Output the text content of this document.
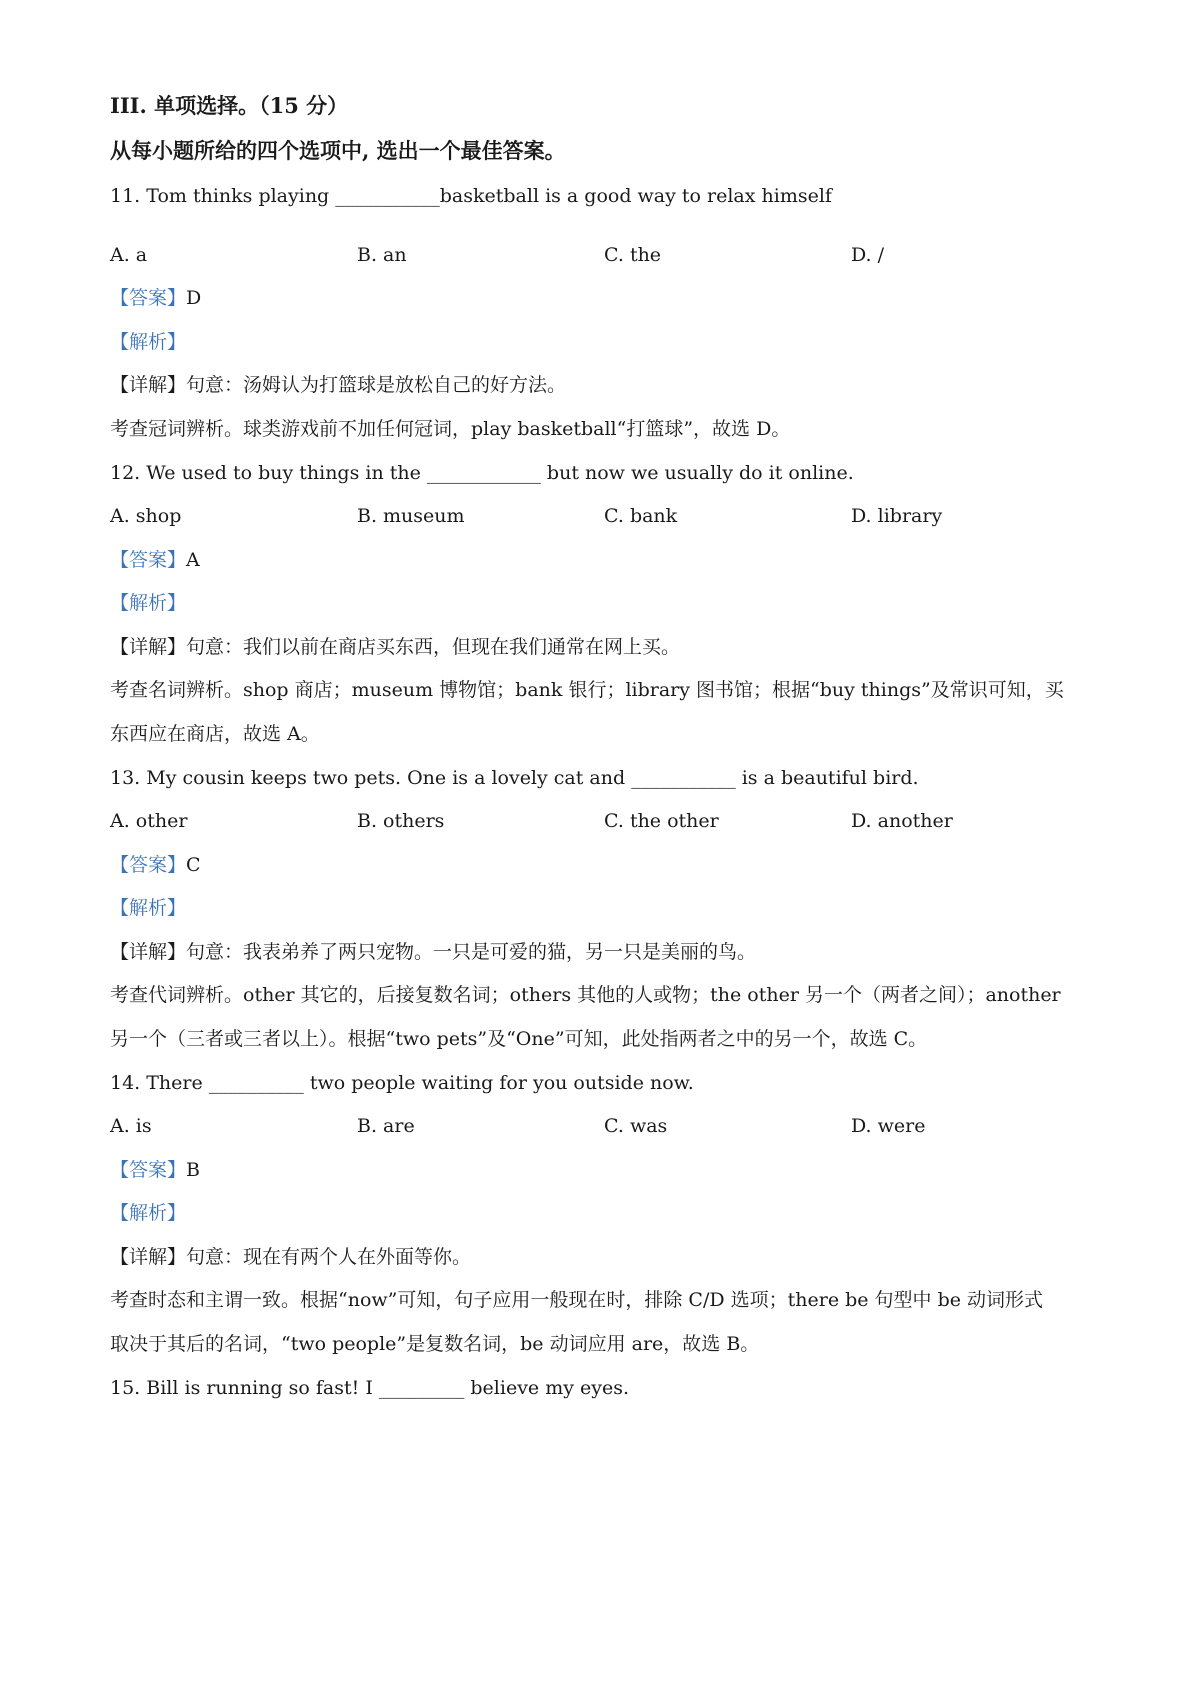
III. 单项选择。（15 分）
从每小题所给的四个选项中, 选出一个最佳答案。
11. Tom thinks playing ___________basketball is a good way to relax himself
A. a	B. an	C. the	D. /
【答案】D
【解析】
【详解】句意：汤姆认为打篮球是放松自己的好方法。
考查冠词辨析。球类游戏前不加任何冠词，play basketball“打篮球”，故选 D。
12. We used to buy things in the ____________ but now we usually do it online.
A. shop	B. museum	C. bank	D. library
【答案】A
【解析】
【详解】句意：我们以前在商店买东西，但现在我们通常在网上买。
考查名词辨析。shop 商店；museum 博物馆；bank 银行；library 图书馆；根据“buy things”及常识可知，买
东西应在商店，故选 A。
13. My cousin keeps two pets. One is a lovely cat and ___________ is a beautiful bird.
A. other	B. others	C. the other	D. another
【答案】C
【解析】
【详解】句意：我表弟养了两只宠物。一只是可爱的猫，另一只是美丽的鸟。
考查代词辨析。other 其它的，后接复数名词；others 其他的人或物；the other 另一个（两者之间）；another
另一个（三者或三者以上）。根据“two pets”及“One”可知，此处指两者之中的另一个，故选 C。
14. There __________ two people waiting for you outside now.
A. is	B. are	C. was	D. were
【答案】B
【解析】
【详解】句意：现在有两个人在外面等你。
考查时态和主谓一致。根据“now”可知，句子应用一般现在时，排除 C/D 选项；there be 句型中 be 动词形式
取决于其后的名词，“two people”是复数名词，be 动词应用 are，故选 B。
15. Bill is running so fast! I _________ believe my eyes.
